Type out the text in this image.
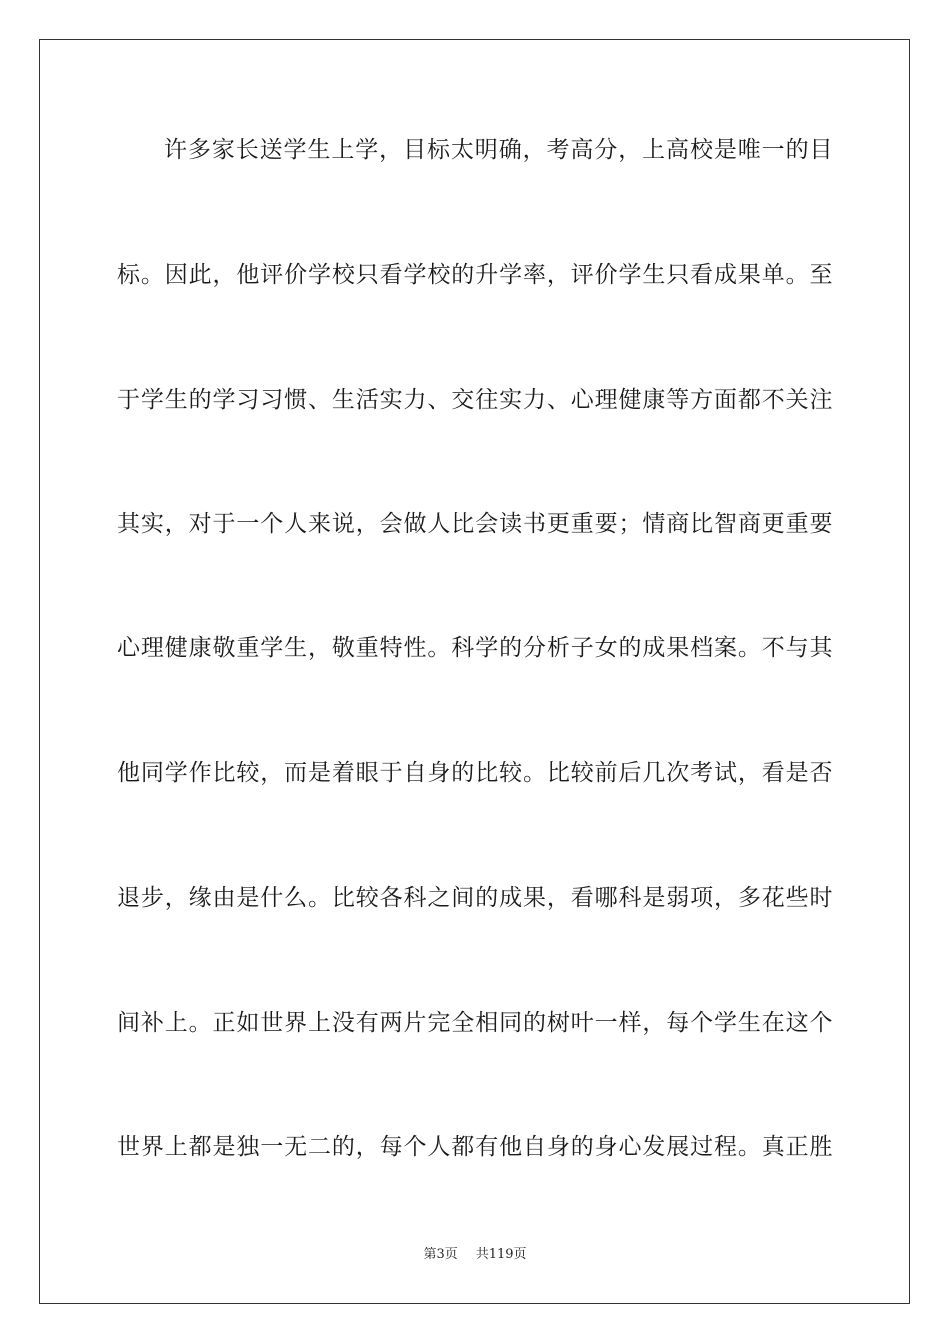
许多家长送学生上学，目标太明确，考高分，上高校是唯一的目
标。因此，他评价学校只看学校的升学率，评价学生只看成果单。至
于学生的学习习惯、生活实力、交往实力、心理健康等方面都不关注
其实，对于一个人来说，会做人比会读书更重要；情商比智商更重要
心理健康敬重学生，敬重特性。科学的分析子女的成果档案。不与其
他同学作比较，而是着眼于自身的比较。比较前后几次考试，看是否
退步，缘由是什么。比较各科之间的成果，看哪科是弱项，多花些时
间补上。正如世界上没有两片完全相同的树叶一样，每个学生在这个
世界上都是独一无二的，每个人都有他自身的身心发展过程。真正胜
第3页 共119页
